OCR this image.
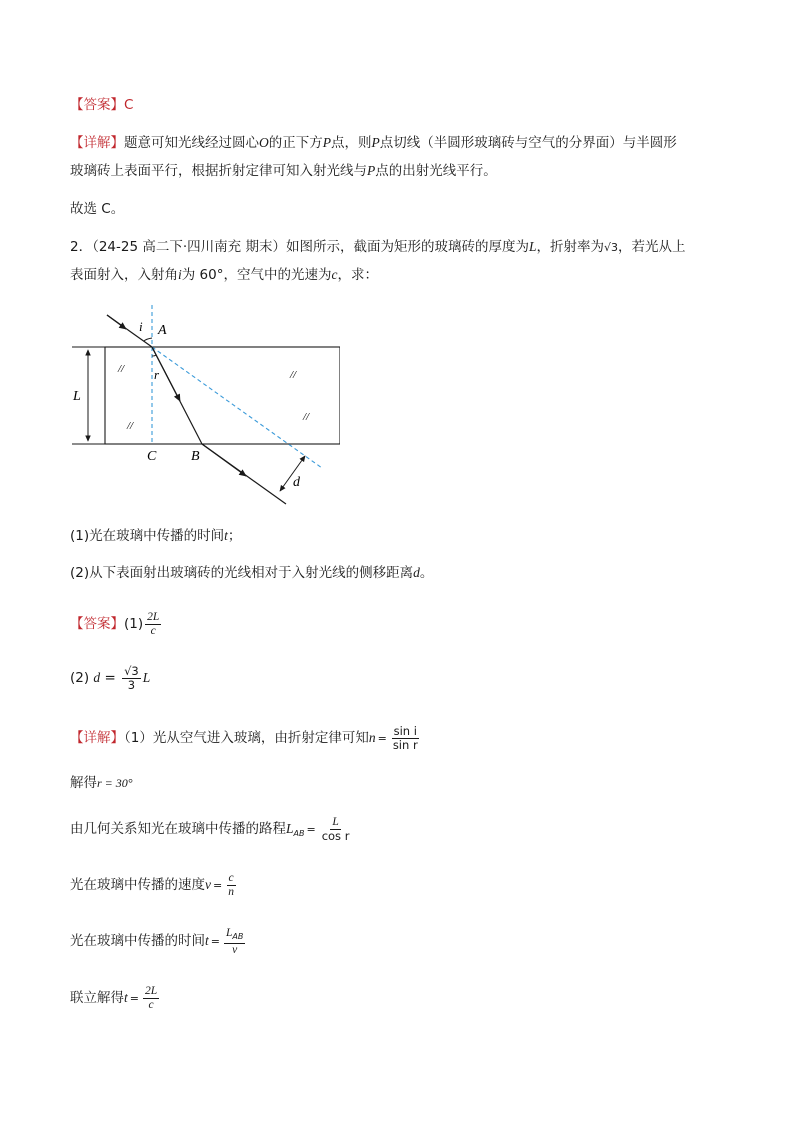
【答案】C
【详解】题意可知光线经过圆心O的正下方P点，则P点切线（半圆形玻璃砖与空气的分界面）与半圆形
玻璃砖上表面平行，根据折射定律可知入射光线与P点的出射光线平行。
故选 C。
2．（24-25 高二下·四川南充 期末）如图所示，截面为矩形的玻璃砖的厚度为L，折射率为√3，若光从上
表面射入，入射角i为 60°，空气中的光速为c，求：
L
d
i A
r
C B
//	//
//
//
(1)光在玻璃中传播的时间t；
(2)从下表面射出玻璃砖的光线相对于入射光线的侧移距离d。
【答案】$(1) \frac{2L}{c}$
(2) $d = \frac{√3}{3}$ L
【详解】（1）光从空气进入玻璃，由折射定律可知$n = \frac{\text{sin i}}{\text{sin r}}$
解得r = 30°
由几何关系知光在玻璃中传播的路程$L_{AB} = \frac{L}{\text{cos r}}$
光在玻璃中传播的速度$v = \frac{c}{n}$
光在玻璃中传播的时间$t = \frac{L_{AB}}{v}$
联立解得$t = \frac{2L}{c}$
